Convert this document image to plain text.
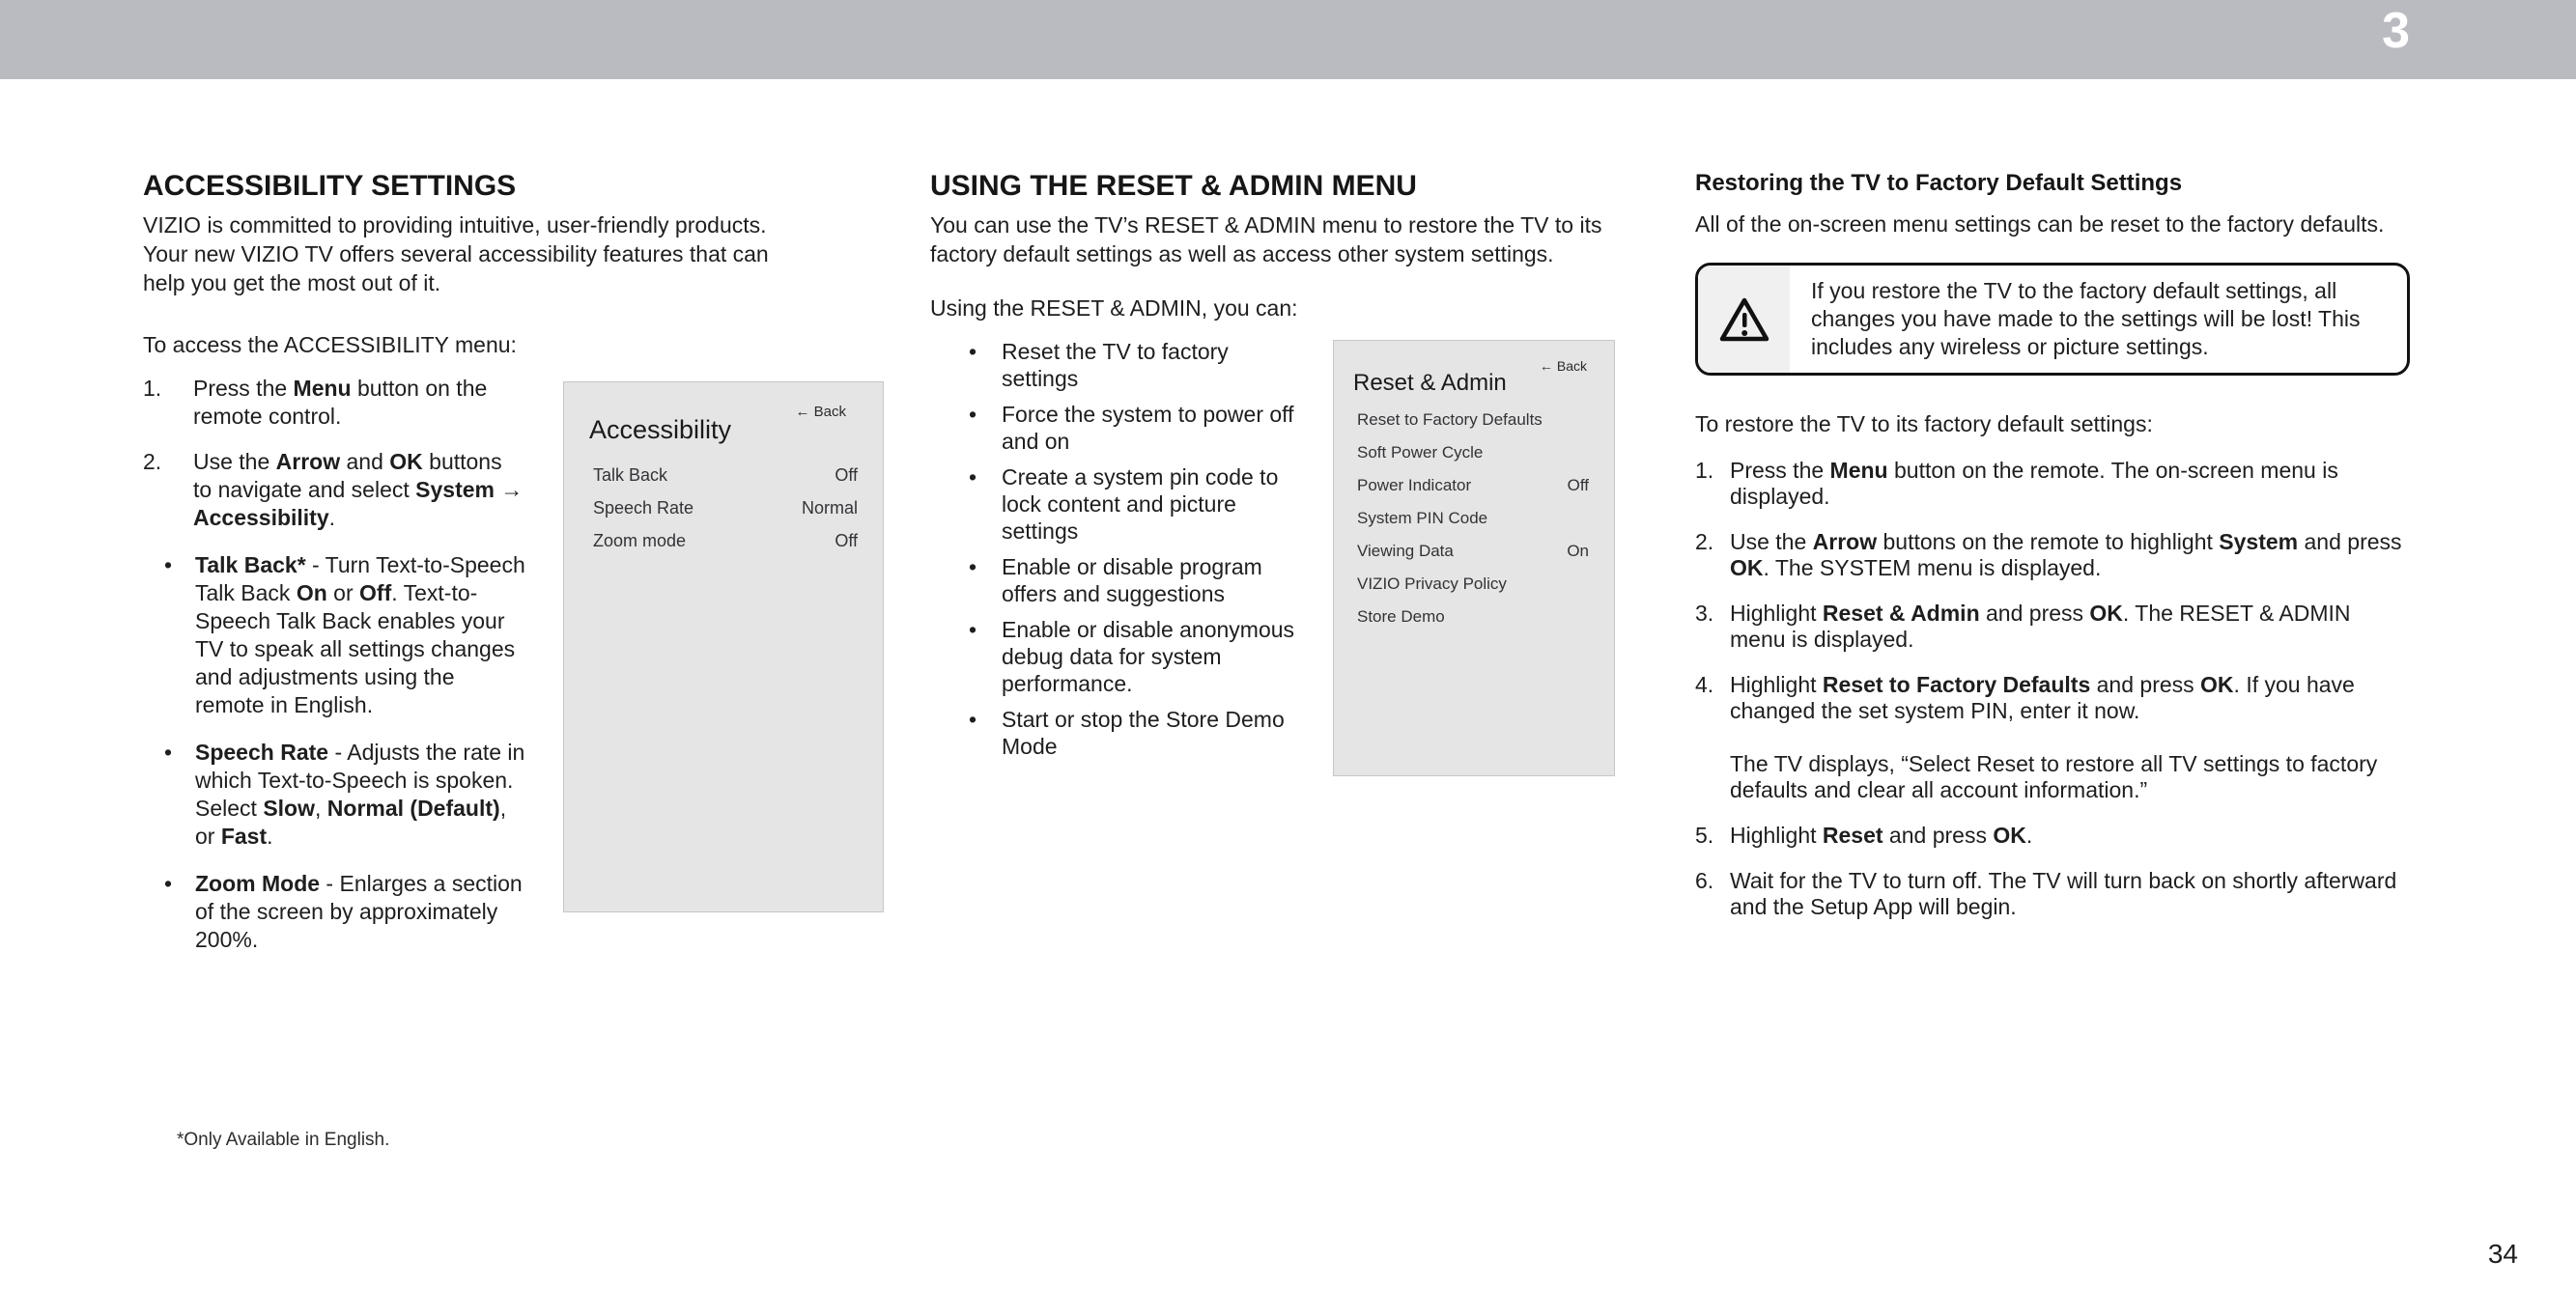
3
ACCESSIBILITY SETTINGS

VIZIO is committed to providing intuitive, user-friendly products. Your new VIZIO TV offers several accessibility features that can help you get the most out of it.

To access the ACCESSIBILITY menu:

1.	Press the Menu button on the remote control.
2.	Use the Arrow and OK buttons to navigate and select System → Accessibility.
•	Talk Back* - Turn Text-to-Speech Talk Back On or Off. Text-to-Speech Talk Back enables your TV to speak all settings changes and adjustments using the remote in English.
•	Speech Rate - Adjusts the rate in which Text-to-Speech is spoken. Select Slow, Normal (Default), or Fast.
•	Zoom Mode - Enlarges a section of the screen by approximately 200%.
← Back
Accessibility
Talk Back	Off
Speech Rate	Normal
Zoom mode	Off
USING THE RESET & ADMIN MENU

You can use the TV’s RESET & ADMIN menu to restore the TV to its factory default settings as well as access other system settings.

Using the RESET & ADMIN, you can:

•	Reset the TV to factory settings
•	Force the system to power off and on
•	Create a system pin code to lock content and picture settings
•	Enable or disable program offers and suggestions
•	Enable or disable anonymous debug data for system performance.
•	Start or stop the Store Demo Mode
← Back
Reset & Admin
Reset to Factory Defaults
Soft Power Cycle
Power Indicator	Off
System PIN Code
Viewing Data	On
VIZIO Privacy Policy
Store Demo
Restoring the TV to Factory Default Settings

All of the on-screen menu settings can be reset to the factory defaults.

If you restore the TV to the factory default settings, all changes you have made to the settings will be lost! This includes any wireless or picture settings.

To restore the TV to its factory default settings:

1. Press the Menu button on the remote. The on-screen menu is displayed.
2. Use the Arrow buttons on the remote to highlight System and press OK. The SYSTEM menu is displayed.
3. Highlight Reset & Admin and press OK. The RESET & ADMIN menu is displayed.
4. Highlight Reset to Factory Defaults and press OK. If you have changed the set system PIN, enter it now.
The TV displays, “Select Reset to restore all TV settings to factory defaults and clear all account information.”
5. Highlight Reset and press OK.
6. Wait for the TV to turn off. The TV will turn back on shortly afterward and the Setup App will begin.
*Only Available in English.
34
